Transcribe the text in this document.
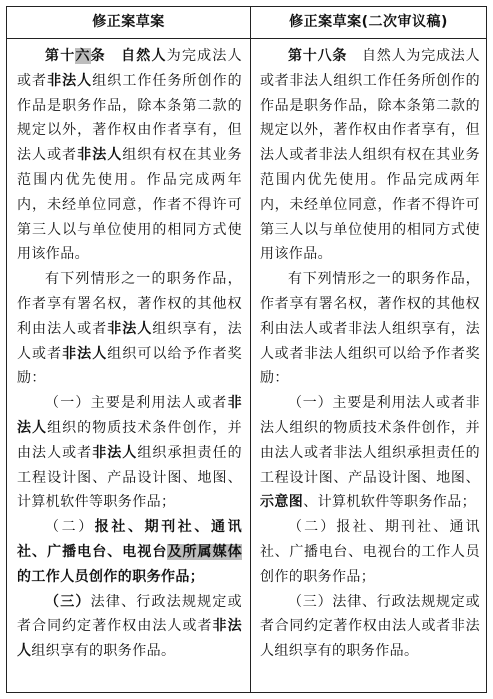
修正案草案	修正案草案(二次审议稿)

第十六条　自然人为完成法人或者非法人组织工作任务所创作的作品是职务作品，除本条第二款的规定以外，著作权由作者享有，但法人或者非法人组织有权在其业务范围内优先使用。作品完成两年内，未经单位同意，作者不得许可第三人以与单位使用的相同方式使用该作品。

有下列情形之一的职务作品，作者享有署名权，著作权的其他权利由法人或者非法人组织享有，法人或者非法人组织可以给予作者奖励：

（一）主要是利用法人或者非法人组织的物质技术条件创作，并由法人或者非法人组织承担责任的工程设计图、产品设计图、地图、计算机软件等职务作品；

（二）报社、期刊社、通讯社、广播电台、电视台及所属媒体的工作人员创作的职务作品；

（三）法律、行政法规规定或者合同约定著作权由法人或者非法人组织享有的职务作品。

第十八条　自然人为完成法人或者非法人组织工作任务所创作的作品是职务作品，除本条第二款的规定以外，著作权由作者享有，但法人或者非法人组织有权在其业务范围内优先使用。作品完成两年内，未经单位同意，作者不得许可第三人以与单位使用的相同方式使用该作品。

有下列情形之一的职务作品，作者享有署名权，著作权的其他权利由法人或者非法人组织享有，法人或者非法人组织可以给予作者奖励：

（一）主要是利用法人或者非法人组织的物质技术条件创作，并由法人或者非法人组织承担责任的工程设计图、产品设计图、地图、示意图、计算机软件等职务作品；

（二）报社、期刊社、通讯社、广播电台、电视台的工作人员创作的职务作品；

（三）法律、行政法规规定或者合同约定著作权由法人或者非法人组织享有的职务作品。
